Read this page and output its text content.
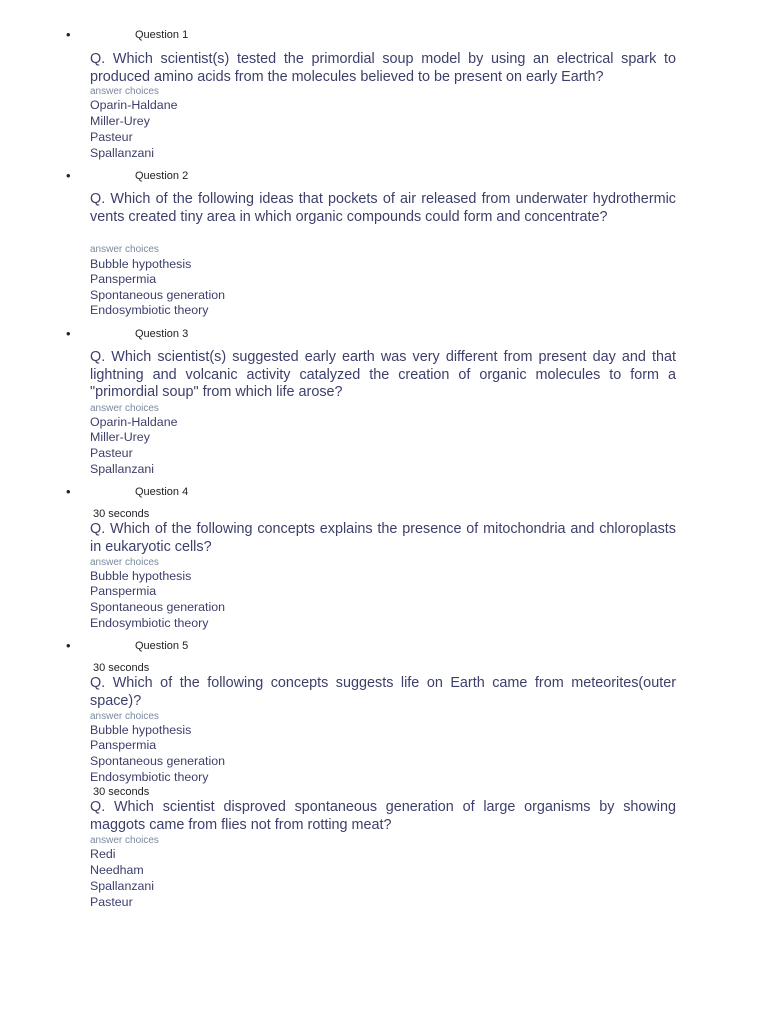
•	Question 1

Q. Which scientist(s) tested the primordial soup model by using an electrical spark to produced amino acids from the molecules believed to be present on early Earth?

answer choices
Oparin-Haldane
Miller-Urey
Pasteur
Spallanzani
•	Question 2

Q. Which of the following ideas that pockets of air released from underwater hydrothermic vents created tiny area in which organic compounds could form and concentrate?

answer choices
Bubble hypothesis
Panspermia
Spontaneous generation
Endosymbiotic theory
•	Question 3

Q. Which scientist(s) suggested early earth was very different from present day and that lightning and volcanic activity catalyzed the creation of organic molecules to form a "primordial soup" from which life arose?

answer choices
Oparin-Haldane
Miller-Urey
Pasteur
Spallanzani
•	Question 4
30 seconds

Q. Which of the following concepts explains the presence of mitochondria and chloroplasts in eukaryotic cells?

answer choices
Bubble hypothesis
Panspermia
Spontaneous generation
Endosymbiotic theory
•	Question 5
30 seconds

Q. Which of the following concepts suggests life on Earth came from meteorites(outer space)?

answer choices
Bubble hypothesis
Panspermia
Spontaneous generation
Endosymbiotic theory
30 seconds

Q. Which scientist disproved spontaneous generation of large organisms by showing maggots came from flies not from rotting meat?

answer choices
Redi
Needham
Spallanzani
Pasteur
